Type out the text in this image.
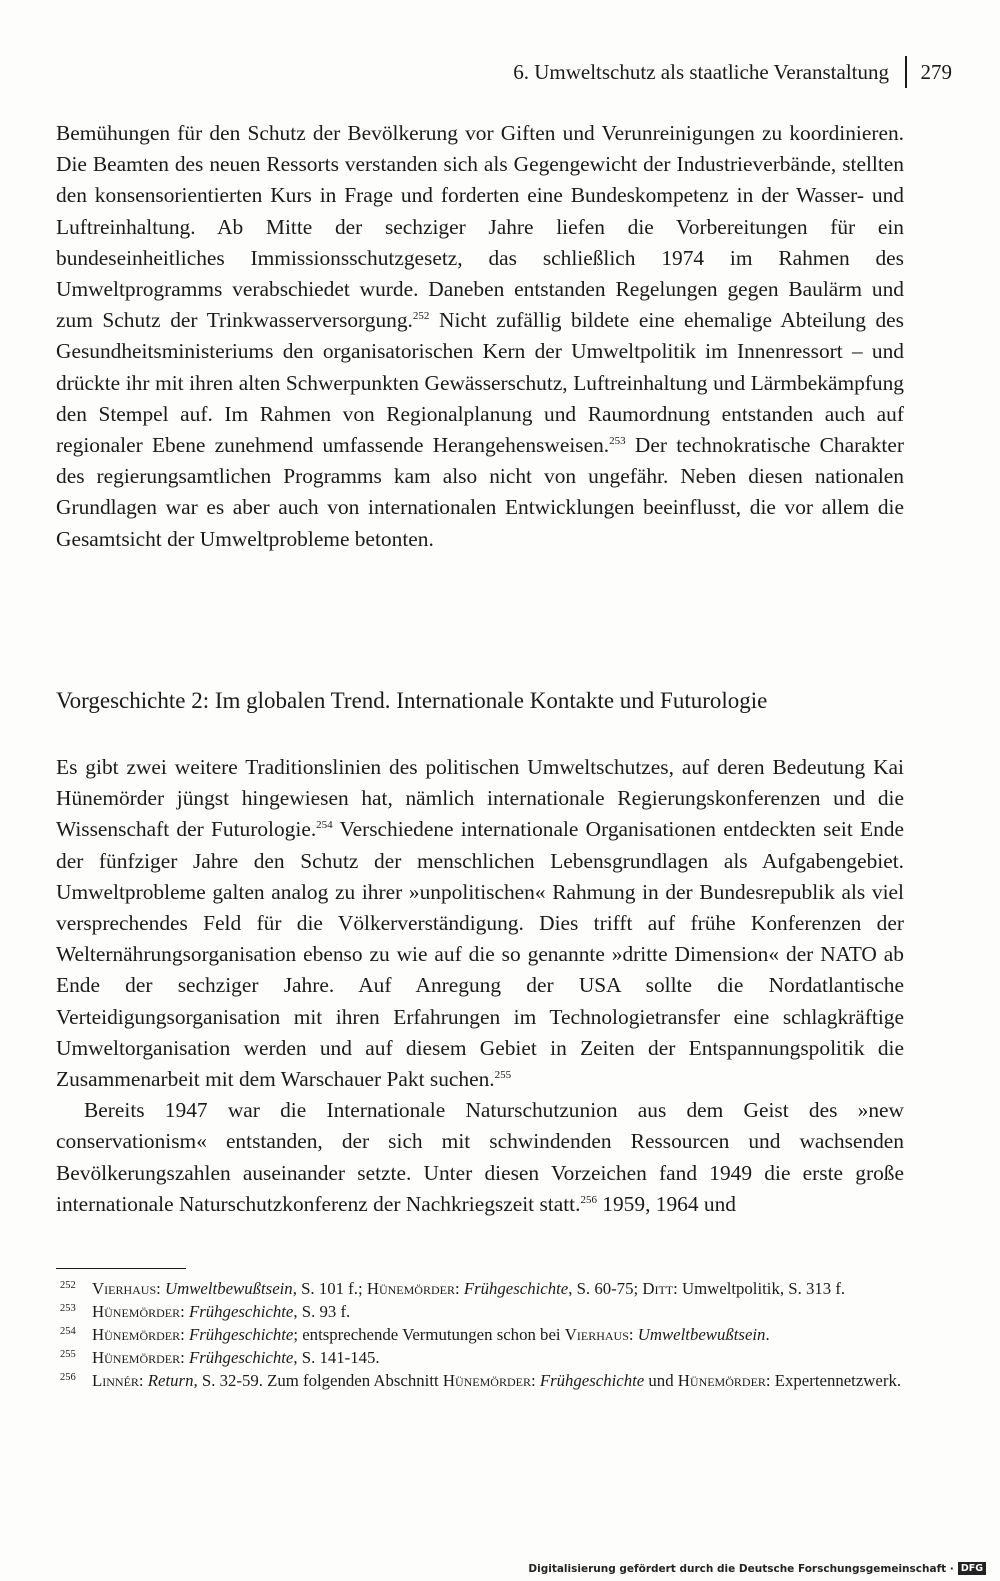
6. Umweltschutz als staatliche Veranstaltung 279

Bemühungen für den Schutz der Bevölkerung vor Giften und Verunreinigungen zu koordinieren. Die Beamten des neuen Ressorts verstanden sich als Gegengewicht der Industrieverbände, stellten den konsensorientierten Kurs in Frage und forderten eine Bundeskompetenz in der Wasser- und Luftreinhaltung. Ab Mitte der sechziger Jahre liefen die Vorbereitungen für ein bundeseinheitliches Immissionsschutzgesetz, das schließlich 1974 im Rahmen des Umweltprogramms verabschiedet wurde. Daneben entstanden Regelungen gegen Baulärm und zum Schutz der Trinkwasserversorgung.$^{252}$ Nicht zufällig bildete eine ehemalige Abteilung des Gesundheitsministeriums den organisatorischen Kern der Umweltpolitik im Innenressort – und drückte ihr mit ihren alten Schwerpunkten Gewässerschutz, Luftreinhaltung und Lärmbekämpfung den Stempel auf. Im Rahmen von Regionalplanung und Raumordnung entstanden auch auf regionaler Ebene zunehmend umfassende Herangehensweisen.$^{253}$ Der technokratische Charakter des regierungsamtlichen Programms kam also nicht von ungefähr. Neben diesen nationalen Grundlagen war es aber auch von internationalen Entwicklungen beeinflusst, die vor allem die Gesamtsicht der Umweltprobleme betonten.

Vorgeschichte 2: Im globalen Trend. Internationale Kontakte und Futurologie

Es gibt zwei weitere Traditionslinien des politischen Umweltschutzes, auf deren Bedeutung Kai Hünemörder jüngst hingewiesen hat, nämlich internationale Regierungskonferenzen und die Wissenschaft der Futurologie.$^{254}$ Verschiedene internationale Organisationen entdeckten seit Ende der fünfziger Jahre den Schutz der menschlichen Lebensgrundlagen als Aufgabengebiet. Umweltprobleme galten analog zu ihrer »unpolitischen« Rahmung in der Bundesrepublik als viel versprechendes Feld für die Völkerverständigung. Dies trifft auf frühe Konferenzen der Welternährungsorganisation ebenso zu wie auf die so genannte »dritte Dimension« der NATO ab Ende der sechziger Jahre. Auf Anregung der USA sollte die Nordatlantische Verteidigungsorganisation mit ihren Erfahrungen im Technologietransfer eine schlagkräftige Umweltorganisation werden und auf diesem Gebiet in Zeiten der Entspannungspolitik die Zusammenarbeit mit dem Warschauer Pakt suchen.$^{255}$

Bereits 1947 war die Internationale Naturschutzunion aus dem Geist des »new conservationism« entstanden, der sich mit schwindenden Ressourcen und wachsenden Bevölkerungszahlen auseinander setzte. Unter diesen Vorzeichen fand 1949 die erste große internationale Naturschutzkonferenz der Nachkriegszeit statt.$^{256}$ 1959, 1964 und

252 Vierhaus: Umweltbewußtsein, S. 101 f.; Hünemörder: Frühgeschichte, S. 60-75; Ditt: Umweltpolitik, S. 313 f.
253 Hünemörder: Frühgeschichte, S. 93 f.
254 Hünemörder: Frühgeschichte; entsprechende Vermutungen schon bei Vierhaus: Umweltbewußtsein.
255 Hünemörder: Frühgeschichte, S. 141-145.
256 Linnér: Return, S. 32-59. Zum folgenden Abschnitt Hünemörder: Frühgeschichte und Hünemörder: Expertennetzwerk.
Digitalisierung gefördert durch die Deutsche Forschungsgemeinschaft · DFG
